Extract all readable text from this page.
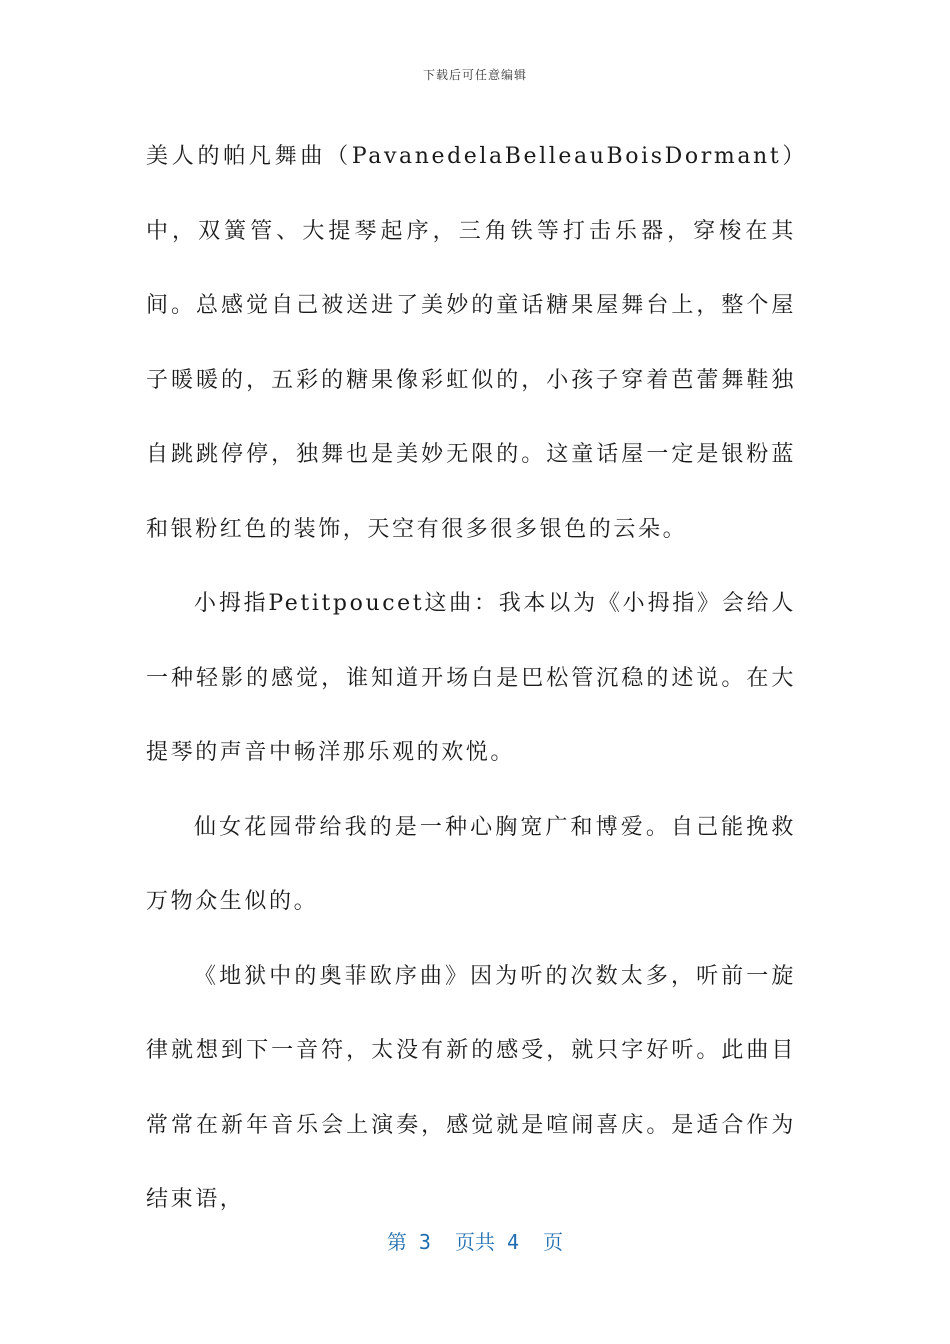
下载后可任意编辑

美人的帕凡舞曲（PavanedelaBelleauBoisDormant）中，双簧管、大提琴起序，三角铁等打击乐器，穿梭在其间。总感觉自己被送进了美妙的童话糖果屋舞台上，整个屋子暖暖的，五彩的糖果像彩虹似的，小孩子穿着芭蕾舞鞋独自跳跳停停，独舞也是美妙无限的。这童话屋一定是银粉蓝和银粉红色的装饰，天空有很多很多银色的云朵。

小拇指Petitpoucet这曲：我本以为《小拇指》会给人一种轻影的感觉，谁知道开场白是巴松管沉稳的述说。在大提琴的声音中畅洋那乐观的欢悦。

仙女花园带给我的是一种心胸宽广和博爱。自己能挽救万物众生似的。

《地狱中的奥菲欧序曲》因为听的次数太多，听前一旋律就想到下一音符，太没有新的感受，就只字好听。此曲目常常在新年音乐会上演奏，感觉就是喧闹喜庆。是适合作为结束语，

第 3  页共 4  页
